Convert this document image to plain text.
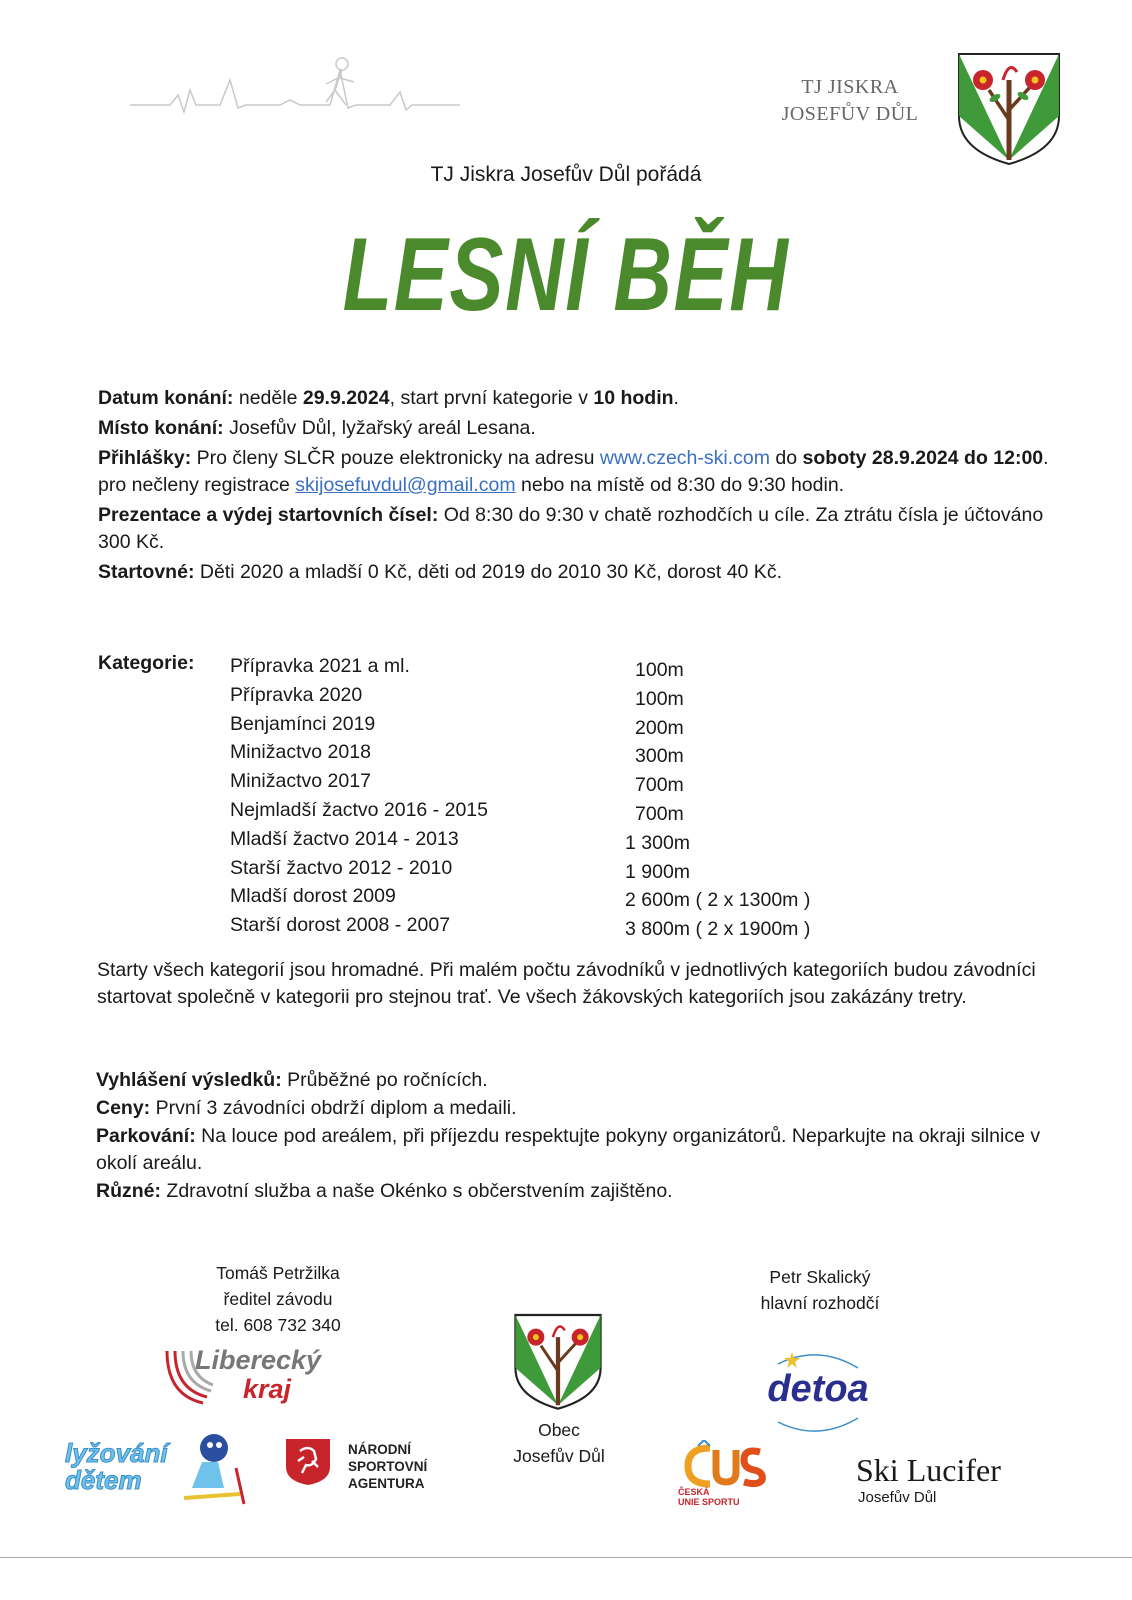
TJ JISKRA
JOSEFŮV DŮL
TJ Jiskra Josefův Důl pořádá
LESNÍ BĚH

Datum konání: neděle 29.9.2024, start první kategorie v 10 hodin.

Místo konání: Josefův Důl, lyžařský areál Lesana.

Přihlášky: Pro členy SLČR pouze elektronicky na adresu www.czech-ski.com do soboty 28.9.2024 do 12:00. pro nečleny registrace skijosefuvdul@gmail.com nebo na místě od 8:30 do 9:30 hodin.

Prezentace a výdej startovních čísel: Od 8:30 do 9:30 v chatě rozhodčích u cíle. Za ztrátu čísla je účtováno 300 Kč.

Startovné: Děti 2020 a mladší 0 Kč, děti od 2019 do 2010 30 Kč, dorost 40 Kč.

Kategorie: Přípravka 2021 a ml.
Přípravka 2020
Benjamínci 2019
Minižactvo 2018
Minižactvo 2017
Nejmladší žactvo 2016 - 2015
Mladší žactvo 2014 - 2013
Starší žactvo 2012 - 2010
Mladší dorost 2009
Starší dorost 2008 - 2007
100m
100m
200m
300m
700m
700m
1 300m
1 900m
2 600m ( 2 x 1300m )
3 800m ( 2 x 1900m )
Starty všech kategorií jsou hromadné. Při malém počtu závodníků v jednotlivých kategoriích budou závodníci startovat společně v kategorii pro stejnou trať. Ve všech žákovských kategoriích jsou zakázány tretry.

Vyhlášení výsledků: Průběžné po ročnících.

Ceny: První 3 závodníci obdrží diplom a medaili.

Parkování: Na louce pod areálem, při příjezdu respektujte pokyny organizátorů. Neparkujte na okraji silnice v okolí areálu.

Různé: Zdravotní služba a naše Okénko s občerstvením zajištěno.

Tomáš Petržilka
ředitel závodu
tel. 608 732 340
Petr Skalický
hlavní rozhodčí
Obec
Josefův Důl
Liberecký
kraj
NÁRODNÍ
SPORTOVNÍ
AGENTURA
lyžování
dětem
detoa
ČESKÁ
UNIE SPORTU
Ski Lucifer
Josefův Důl
